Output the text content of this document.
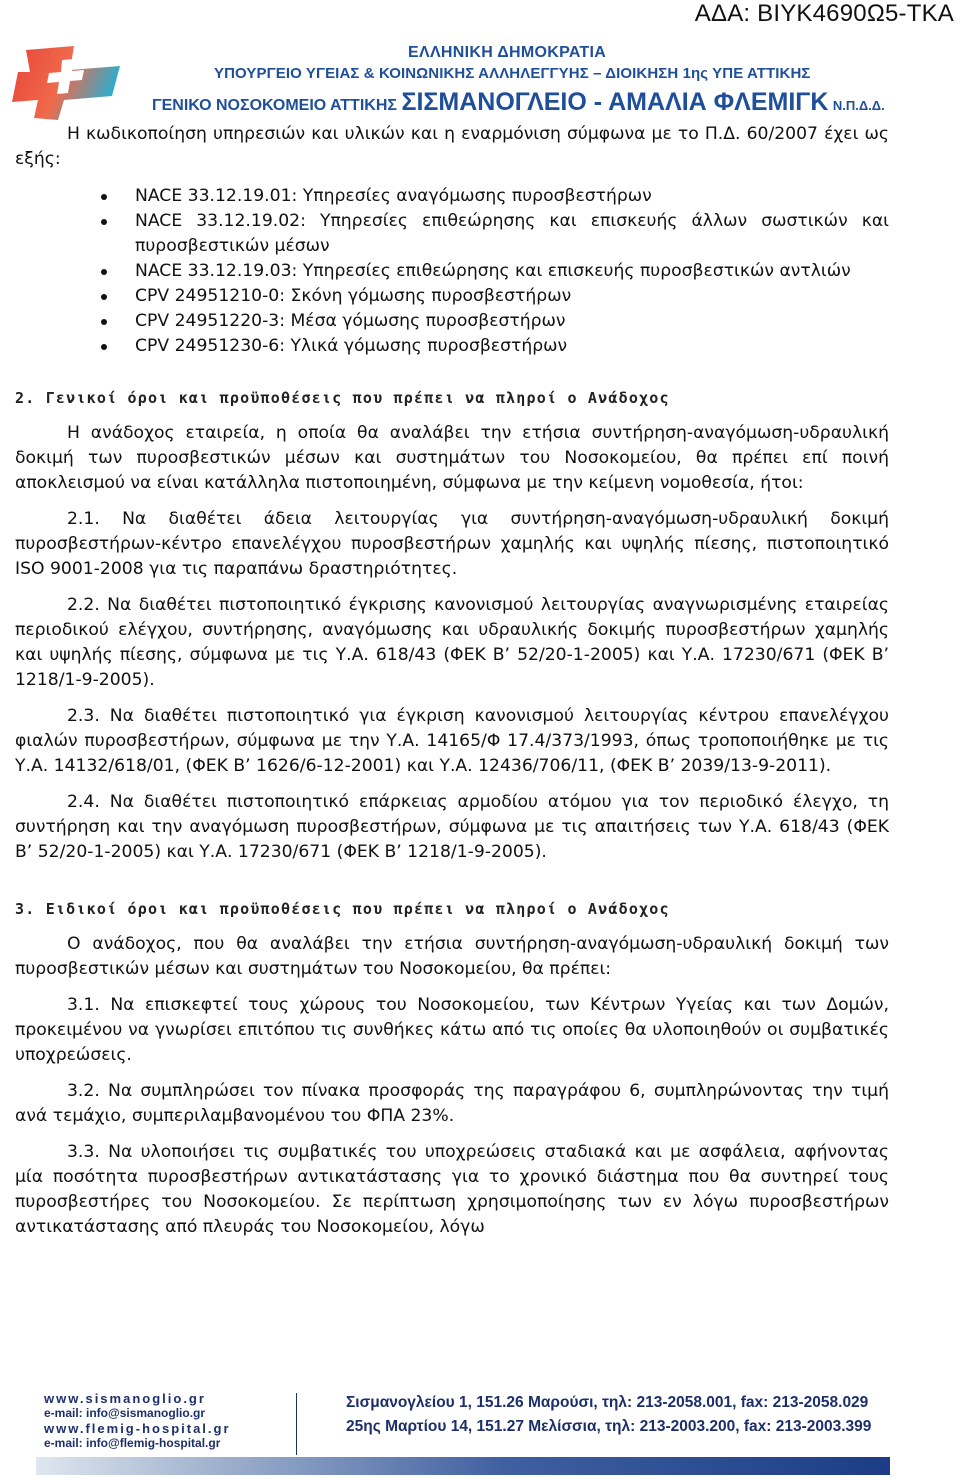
ΑΔΑ: ΒΙΥΚ4690Ω5-ΤΚΑ
ΕΛΛΗΝΙΚΗ ΔΗΜΟΚΡΑΤΙΑ
ΥΠΟΥΡΓΕΙΟ ΥΓΕΙΑΣ & ΚΟΙΝΩΝΙΚΗΣ ΑΛΛΗΛΕΓΓΥΗΣ – ΔΙΟΙΚΗΣΗ 1ης ΥΠΕ ΑΤΤΙΚΗΣ
ΓΕΝΙΚΟ ΝΟΣΟΚΟΜΕΙΟ ΑΤΤΙΚΗΣ ΣΙΣΜΑΝΟΓΛΕΙΟ - ΑΜΑΛΙΑ ΦΛΕΜΙΓΚ Ν.Π.Δ.Δ.

Η κωδικοποίηση υπηρεσιών και υλικών και η εναρμόνιση σύμφωνα με το Π.Δ. 60/2007 έχει ως εξής:

NACE 33.12.19.01: Υπηρεσίες αναγόμωσης πυροσβεστήρων
NACE 33.12.19.02: Υπηρεσίες επιθεώρησης και επισκευής άλλων σωστικών και πυροσβεστικών μέσων
NACE 33.12.19.03: Υπηρεσίες επιθεώρησης και επισκευής πυροσβεστικών αντλιών
CPV 24951210-0: Σκόνη γόμωσης πυροσβεστήρων
CPV 24951220-3: Μέσα γόμωσης πυροσβεστήρων
CPV 24951230-6: Υλικά γόμωσης πυροσβεστήρων

2. Γενικοί όροι και προϋποθέσεις που πρέπει να πληροί ο Ανάδοχος

Η ανάδοχος εταιρεία, η οποία θα αναλάβει την ετήσια συντήρηση-αναγόμωση-υδραυλική δοκιμή των πυροσβεστικών μέσων και συστημάτων του Νοσοκομείου, θα πρέπει επί ποινή αποκλεισμού να είναι κατάλληλα πιστοποιημένη, σύμφωνα με την κείμενη νομοθεσία, ήτοι:

2.1. Να διαθέτει άδεια λειτουργίας για συντήρηση-αναγόμωση-υδραυλική δοκιμή πυροσβεστήρων-κέντρο επανελέγχου πυροσβεστήρων χαμηλής και υψηλής πίεσης, πιστοποιητικό ISO 9001-2008 για τις παραπάνω δραστηριότητες.

2.2. Να διαθέτει πιστοποιητικό έγκρισης κανονισμού λειτουργίας αναγνωρισμένης εταιρείας περιοδικού ελέγχου, συντήρησης, αναγόμωσης και υδραυλικής δοκιμής πυροσβεστήρων χαμηλής και υψηλής πίεσης, σύμφωνα με τις Υ.Α. 618/43 (ΦΕΚ Β’ 52/20-1-2005) και Υ.Α. 17230/671 (ΦΕΚ Β’ 1218/1-9-2005).

2.3. Να διαθέτει πιστοποιητικό για έγκριση κανονισμού λειτουργίας κέντρου επανελέγχου φιαλών πυροσβεστήρων, σύμφωνα με την Υ.Α. 14165/Φ 17.4/373/1993, όπως τροποποιήθηκε με τις Υ.Α. 14132/618/01, (ΦΕΚ Β’ 1626/6-12-2001) και Υ.Α. 12436/706/11, (ΦΕΚ Β’ 2039/13-9-2011).

2.4. Να διαθέτει πιστοποιητικό επάρκειας αρμοδίου ατόμου για τον περιοδικό έλεγχο, τη συντήρηση και την αναγόμωση πυροσβεστήρων, σύμφωνα με τις απαιτήσεις των Υ.Α. 618/43 (ΦΕΚ Β’ 52/20-1-2005) και Υ.Α. 17230/671 (ΦΕΚ Β’ 1218/1-9-2005).

3. Ειδικοί όροι και προϋποθέσεις που πρέπει να πληροί ο Ανάδοχος

Ο ανάδοχος, που θα αναλάβει την ετήσια συντήρηση-αναγόμωση-υδραυλική δοκιμή των πυροσβεστικών μέσων και συστημάτων του Νοσοκομείου, θα πρέπει:

3.1. Να επισκεφτεί τους χώρους του Νοσοκομείου, των Κέντρων Υγείας και των Δομών, προκειμένου να γνωρίσει επιτόπου τις συνθήκες κάτω από τις οποίες θα υλοποιηθούν οι συμβατικές υποχρεώσεις.

3.2. Να συμπληρώσει τον πίνακα προσφοράς της παραγράφου 6, συμπληρώνοντας την τιμή ανά τεμάχιο, συμπεριλαμβανομένου του ΦΠΑ 23%.

3.3. Να υλοποιήσει τις συμβατικές του υποχρεώσεις σταδιακά και με ασφάλεια, αφήνοντας μία ποσότητα πυροσβεστήρων αντικατάστασης για το χρονικό διάστημα που θα συντηρεί τους πυροσβεστήρες του Νοσοκομείου. Σε περίπτωση χρησιμοποίησης των εν λόγω πυροσβεστήρων αντικατάστασης από πλευράς του Νοσοκομείου, λόγω

www.sismanoglio.gr
e-mail: info@sismanoglio.gr
www.flemig-hospital.gr
e-mail: info@flemig-hospital.gr
Σισμανογλείου 1, 151.26 Μαρούσι, τηλ: 213-2058.001, fax: 213-2058.029
25ης Μαρτίου 14, 151.27 Μελίσσια, τηλ: 213-2003.200, fax: 213-2003.399
